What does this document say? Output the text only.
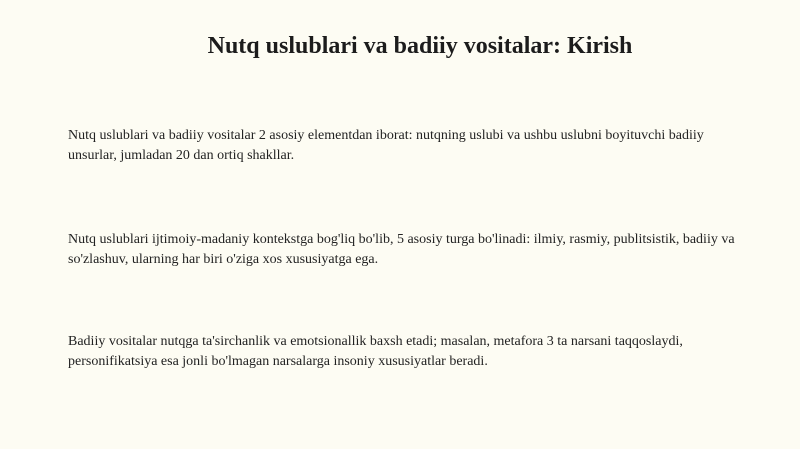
Nutq uslublari va badiiy vositalar: Kirish

Nutq uslublari va badiiy vositalar 2 asosiy elementdan iborat: nutqning uslubi va ushbu uslubni boyituvchi badiiy unsurlar, jumladan 20 dan ortiq shakllar.

Nutq uslublari ijtimoiy-madaniy kontekstga bog'liq bo'lib, 5 asosiy turga bo'linadi: ilmiy, rasmiy, publitsistik, badiiy va so'zlashuv, ularning har biri o'ziga xos xususiyatga ega.

Badiiy vositalar nutqga ta'sirchanlik va emotsionallik baxsh etadi; masalan, metafora 3 ta narsani taqqoslaydi, personifikatsiya esa jonli bo'lmagan narsalarga insoniy xususiyatlar beradi.
